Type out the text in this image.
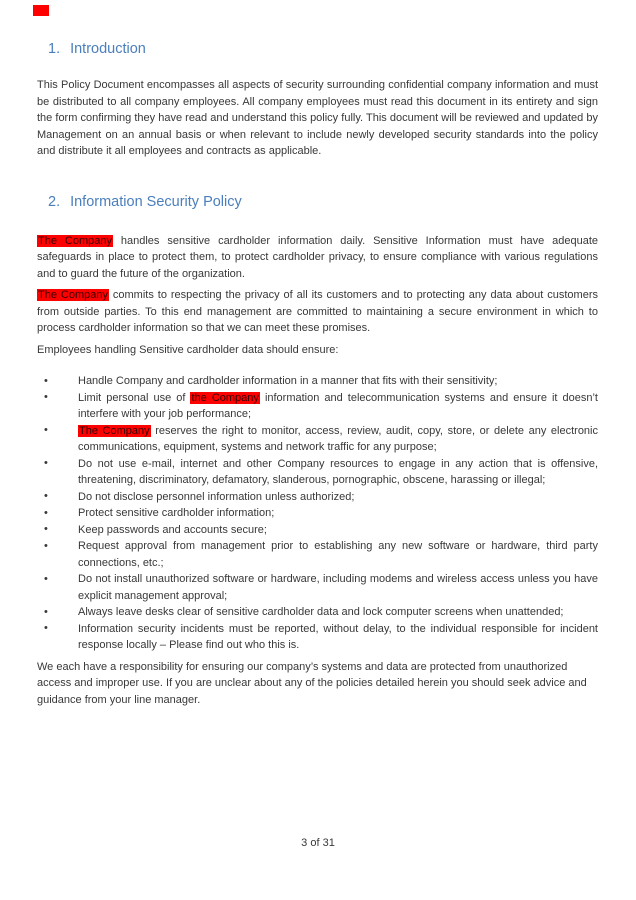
1. Introduction

This Policy Document encompasses all aspects of security surrounding confidential company information and must be distributed to all company employees. All company employees must read this document in its entirety and sign the form confirming they have read and understand this policy fully. This document will be reviewed and updated by Management on an annual basis or when relevant to include newly developed security standards into the policy and distribute it all employees and contracts as applicable.

2. Information Security Policy

The Company handles sensitive cardholder information daily. Sensitive Information must have adequate safeguards in place to protect them, to protect cardholder privacy, to ensure compliance with various regulations and to guard the future of the organization.

The Company commits to respecting the privacy of all its customers and to protecting any data about customers from outside parties. To this end management are committed to maintaining a secure environment in which to process cardholder information so that we can meet these promises.

Employees handling Sensitive cardholder data should ensure:

•	Handle Company and cardholder information in a manner that fits with their sensitivity;
•	Limit personal use of the Company information and telecommunication systems and ensure it doesn’t interfere with your job performance;
•	The Company reserves the right to monitor, access, review, audit, copy, store, or delete any electronic communications, equipment, systems and network traffic for any purpose;
•	Do not use e-mail, internet and other Company resources to engage in any action that is offensive, threatening, discriminatory, defamatory, slanderous, pornographic, obscene, harassing or illegal;
•	Do not disclose personnel information unless authorized;
•	Protect sensitive cardholder information;
•	Keep passwords and accounts secure;
•	Request approval from management prior to establishing any new software or hardware, third party connections, etc.;
•	Do not install unauthorized software or hardware, including modems and wireless access unless you have explicit management approval;
•	Always leave desks clear of sensitive cardholder data and lock computer screens when unattended;
•	Information security incidents must be reported, without delay, to the individual responsible for incident response locally – Please find out who this is.

We each have a responsibility for ensuring our company’s systems and data are protected from unauthorized access and improper use. If you are unclear about any of the policies detailed herein you should seek advice and guidance from your line manager.

3 of 31
